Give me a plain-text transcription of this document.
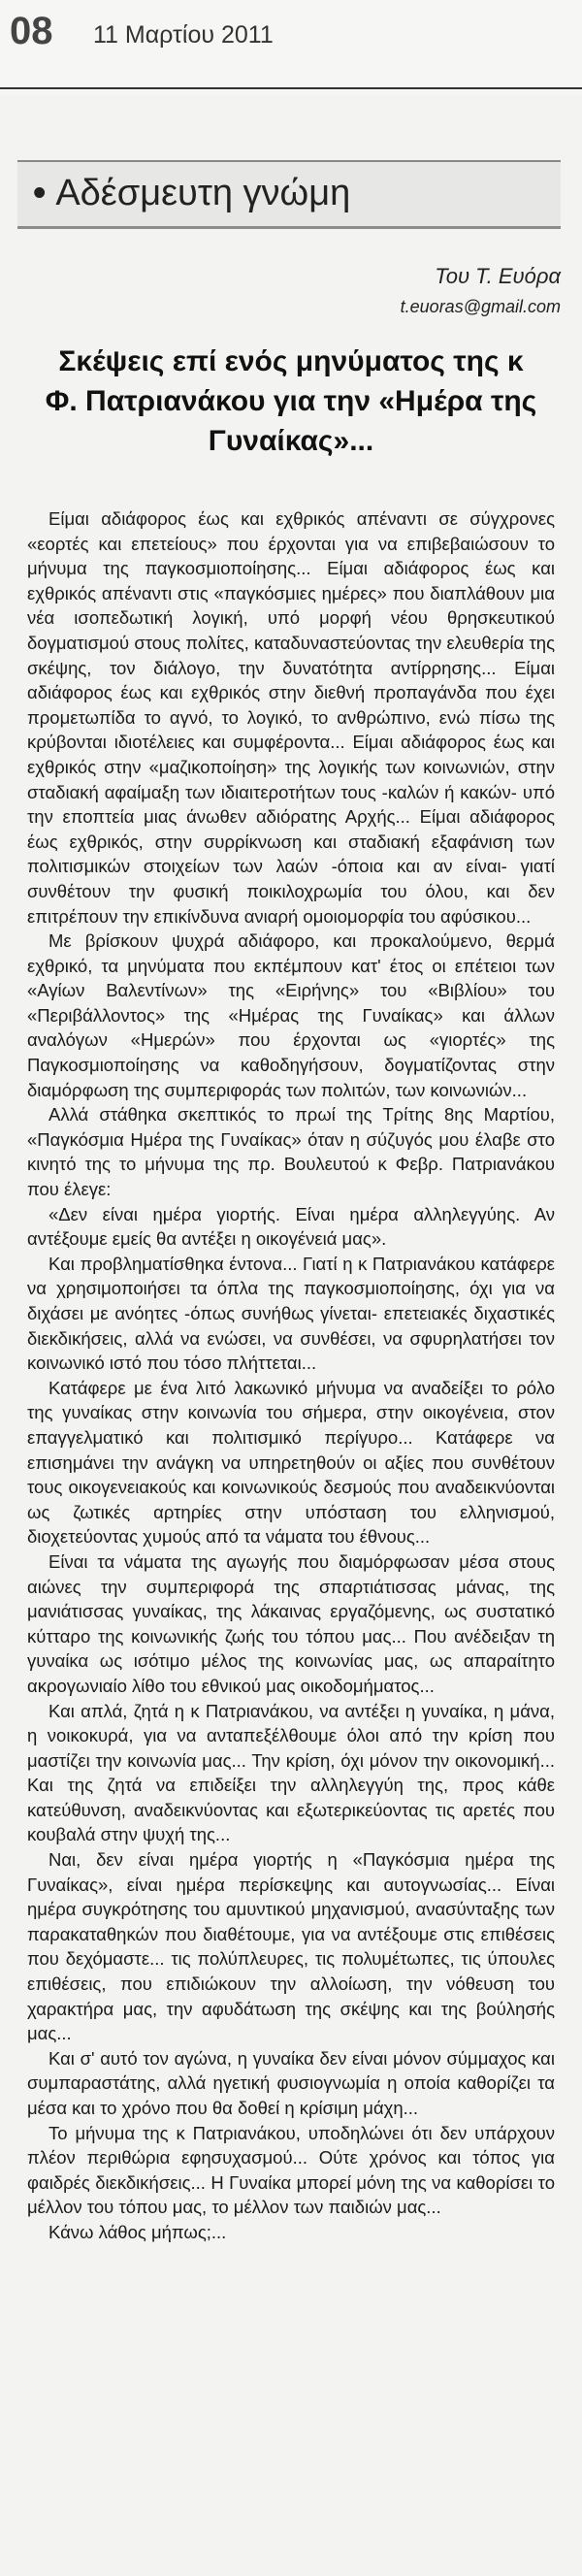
08 11 Μαρτίου 2011
• Αδέσμευτη γνώμη
Του Τ. Ευόρα
t.euoras@gmail.com
Σκέψεις επί ενός μηνύματος της κ Φ. Πατριανάκου για την «Ημέρα της Γυναίκας»...

Είμαι αδιάφορος έως και εχθρικός απέναντι σε σύγχρονες «εορτές και επετείους» που έρχονται για να επιβεβαιώσουν το μήνυμα της παγκοσμιοποίησης... Είμαι αδιάφορος έως και εχθρικός απέναντι στις «παγκόσμιες ημέρες» που διαπλάθουν μια νέα ισοπεδωτική λογική, υπό μορφή νέου θρησκευτικού δογματισμού στους πολίτες, καταδυναστεύοντας την ελευθερία της σκέψης, τον διάλογο, την δυνατότητα αντίρρησης... Είμαι αδιάφορος έως και εχθρικός στην διεθνή προπαγάνδα που έχει προμετωπίδα το αγνό, το λογικό, το ανθρώπινο, ενώ πίσω της κρύβονται ιδιοτέλειες και συμφέροντα... Είμαι αδιάφορος έως και εχθρικός στην «μαζικοποίηση» της λογικής των κοινωνιών, στην σταδιακή αφαίμαξη των ιδιαιτεροτήτων τους -καλών ή κακών- υπό την εποπτεία μιας άνωθεν αδιόρατης Αρχής... Είμαι αδιάφορος έως εχθρικός, στην συρρίκνωση και σταδιακή εξαφάνιση των πολιτισμικών στοιχείων των λαών -όποια και αν είναι- γιατί συνθέτουν την φυσική ποικιλοχρωμία του όλου, και δεν επιτρέπουν την επικίνδυνα ανιαρή ομοιομορφία του αφύσικου...

Με βρίσκουν ψυχρά αδιάφορο, και προκαλούμενο, θερμά εχθρικό, τα μηνύματα που εκπέμπουν κατ' έτος οι επέτειοι των «Αγίων Βαλεντίνων» της «Ειρήνης» του «Βιβλίου» του «Περιβάλλοντος» της «Ημέρας της Γυναίκας» και άλλων αναλόγων «Ημερών» που έρχονται ως «γιορτές» της Παγκοσμιοποίησης να καθοδηγήσουν, δογματίζοντας στην διαμόρφωση της συμπεριφοράς των πολιτών, των κοινωνιών...

Αλλά στάθηκα σκεπτικός το πρωί της Τρίτης 8ης Μαρτίου, «Παγκόσμια Ημέρα της Γυναίκας» όταν η σύζυγός μου έλαβε στο κινητό της το μήνυμα της πρ. Βουλευτού κ Φεβρ. Πατριανάκου που έλεγε:

«Δεν είναι ημέρα γιορτής. Είναι ημέρα αλληλεγγύης. Αν αντέξουμε εμείς θα αντέξει η οικογένειά μας».

Και προβληματίσθηκα έντονα... Γιατί η κ Πατριανάκου κατάφερε να χρησιμοποιήσει τα όπλα της παγκοσμιοποίησης, όχι για να διχάσει με ανόητες -όπως συνήθως γίνεται- επετειακές διχαστικές διεκδικήσεις, αλλά να ενώσει, να συνθέσει, να σφυρηλατήσει τον κοινωνικό ιστό που τόσο πλήττεται...

Κατάφερε με ένα λιτό λακωνικό μήνυμα να αναδείξει το ρόλο της γυναίκας στην κοινωνία του σήμερα, στην οικογένεια, στον επαγγελματικό και πολιτισμικό περίγυρο... Κατάφερε να επισημάνει την ανάγκη να υπηρετηθούν οι αξίες που συνθέτουν τους οικογενειακούς και κοινωνικούς δεσμούς που αναδεικνύονται ως ζωτικές αρτηρίες στην υπόσταση του ελληνισμού, διοχετεύοντας χυμούς από τα νάματα του έθνους...

Είναι τα νάματα της αγωγής που διαμόρφωσαν μέσα στους αιώνες την συμπεριφορά της σπαρτιάτισσας μάνας, της μανιάτισσας γυναίκας, της λάκαινας εργαζόμενης, ως συστατικό κύτταρο της κοινωνικής ζωής του τόπου μας... Που ανέδειξαν τη γυναίκα ως ισότιμο μέλος της κοινωνίας μας, ως απαραίτητο ακρογωνιαίο λίθο του εθνικού μας οικοδομήματος...

Και απλά, ζητά η κ Πατριανάκου, να αντέξει η γυναίκα, η μάνα, η νοικοκυρά, για να ανταπεξέλθουμε όλοι από την κρίση που μαστίζει την κοινωνία μας... Την κρίση, όχι μόνον την οικονομική... Και της ζητά να επιδείξει την αλληλεγγύη της, προς κάθε κατεύθυνση, αναδεικνύοντας και εξωτερικεύοντας τις αρετές που κουβαλά στην ψυχή της...

Ναι, δεν είναι ημέρα γιορτής η «Παγκόσμια ημέρα της Γυναίκας», είναι ημέρα περίσκεψης και αυτογνωσίας... Είναι ημέρα συγκρότησης του αμυντικού μηχανισμού, ανασύνταξης των παρακαταθηκών που διαθέτουμε, για να αντέξουμε στις επιθέσεις που δεχόμαστε... τις πολύπλευρες, τις πολυμέτωπες, τις ύπουλες επιθέσεις, που επιδιώκουν την αλλοίωση, την νόθευση του χαρακτήρα μας, την αφυδάτωση της σκέψης και της βούλησής μας...

Και σ' αυτό τον αγώνα, η γυναίκα δεν είναι μόνον σύμμαχος και συμπαραστάτης, αλλά ηγετική φυσιογνωμία η οποία καθορίζει τα μέσα και το χρόνο που θα δοθεί η κρίσιμη μάχη...

Το μήνυμα της κ Πατριανάκου, υποδηλώνει ότι δεν υπάρχουν πλέον περιθώρια εφησυχασμού... Ούτε χρόνος και τόπος για φαιδρές διεκδικήσεις... Η Γυναίκα μπορεί μόνη της να καθορίσει το μέλλον του τόπου μας, το μέλλον των παιδιών μας...

Κάνω λάθος μήπως;...
